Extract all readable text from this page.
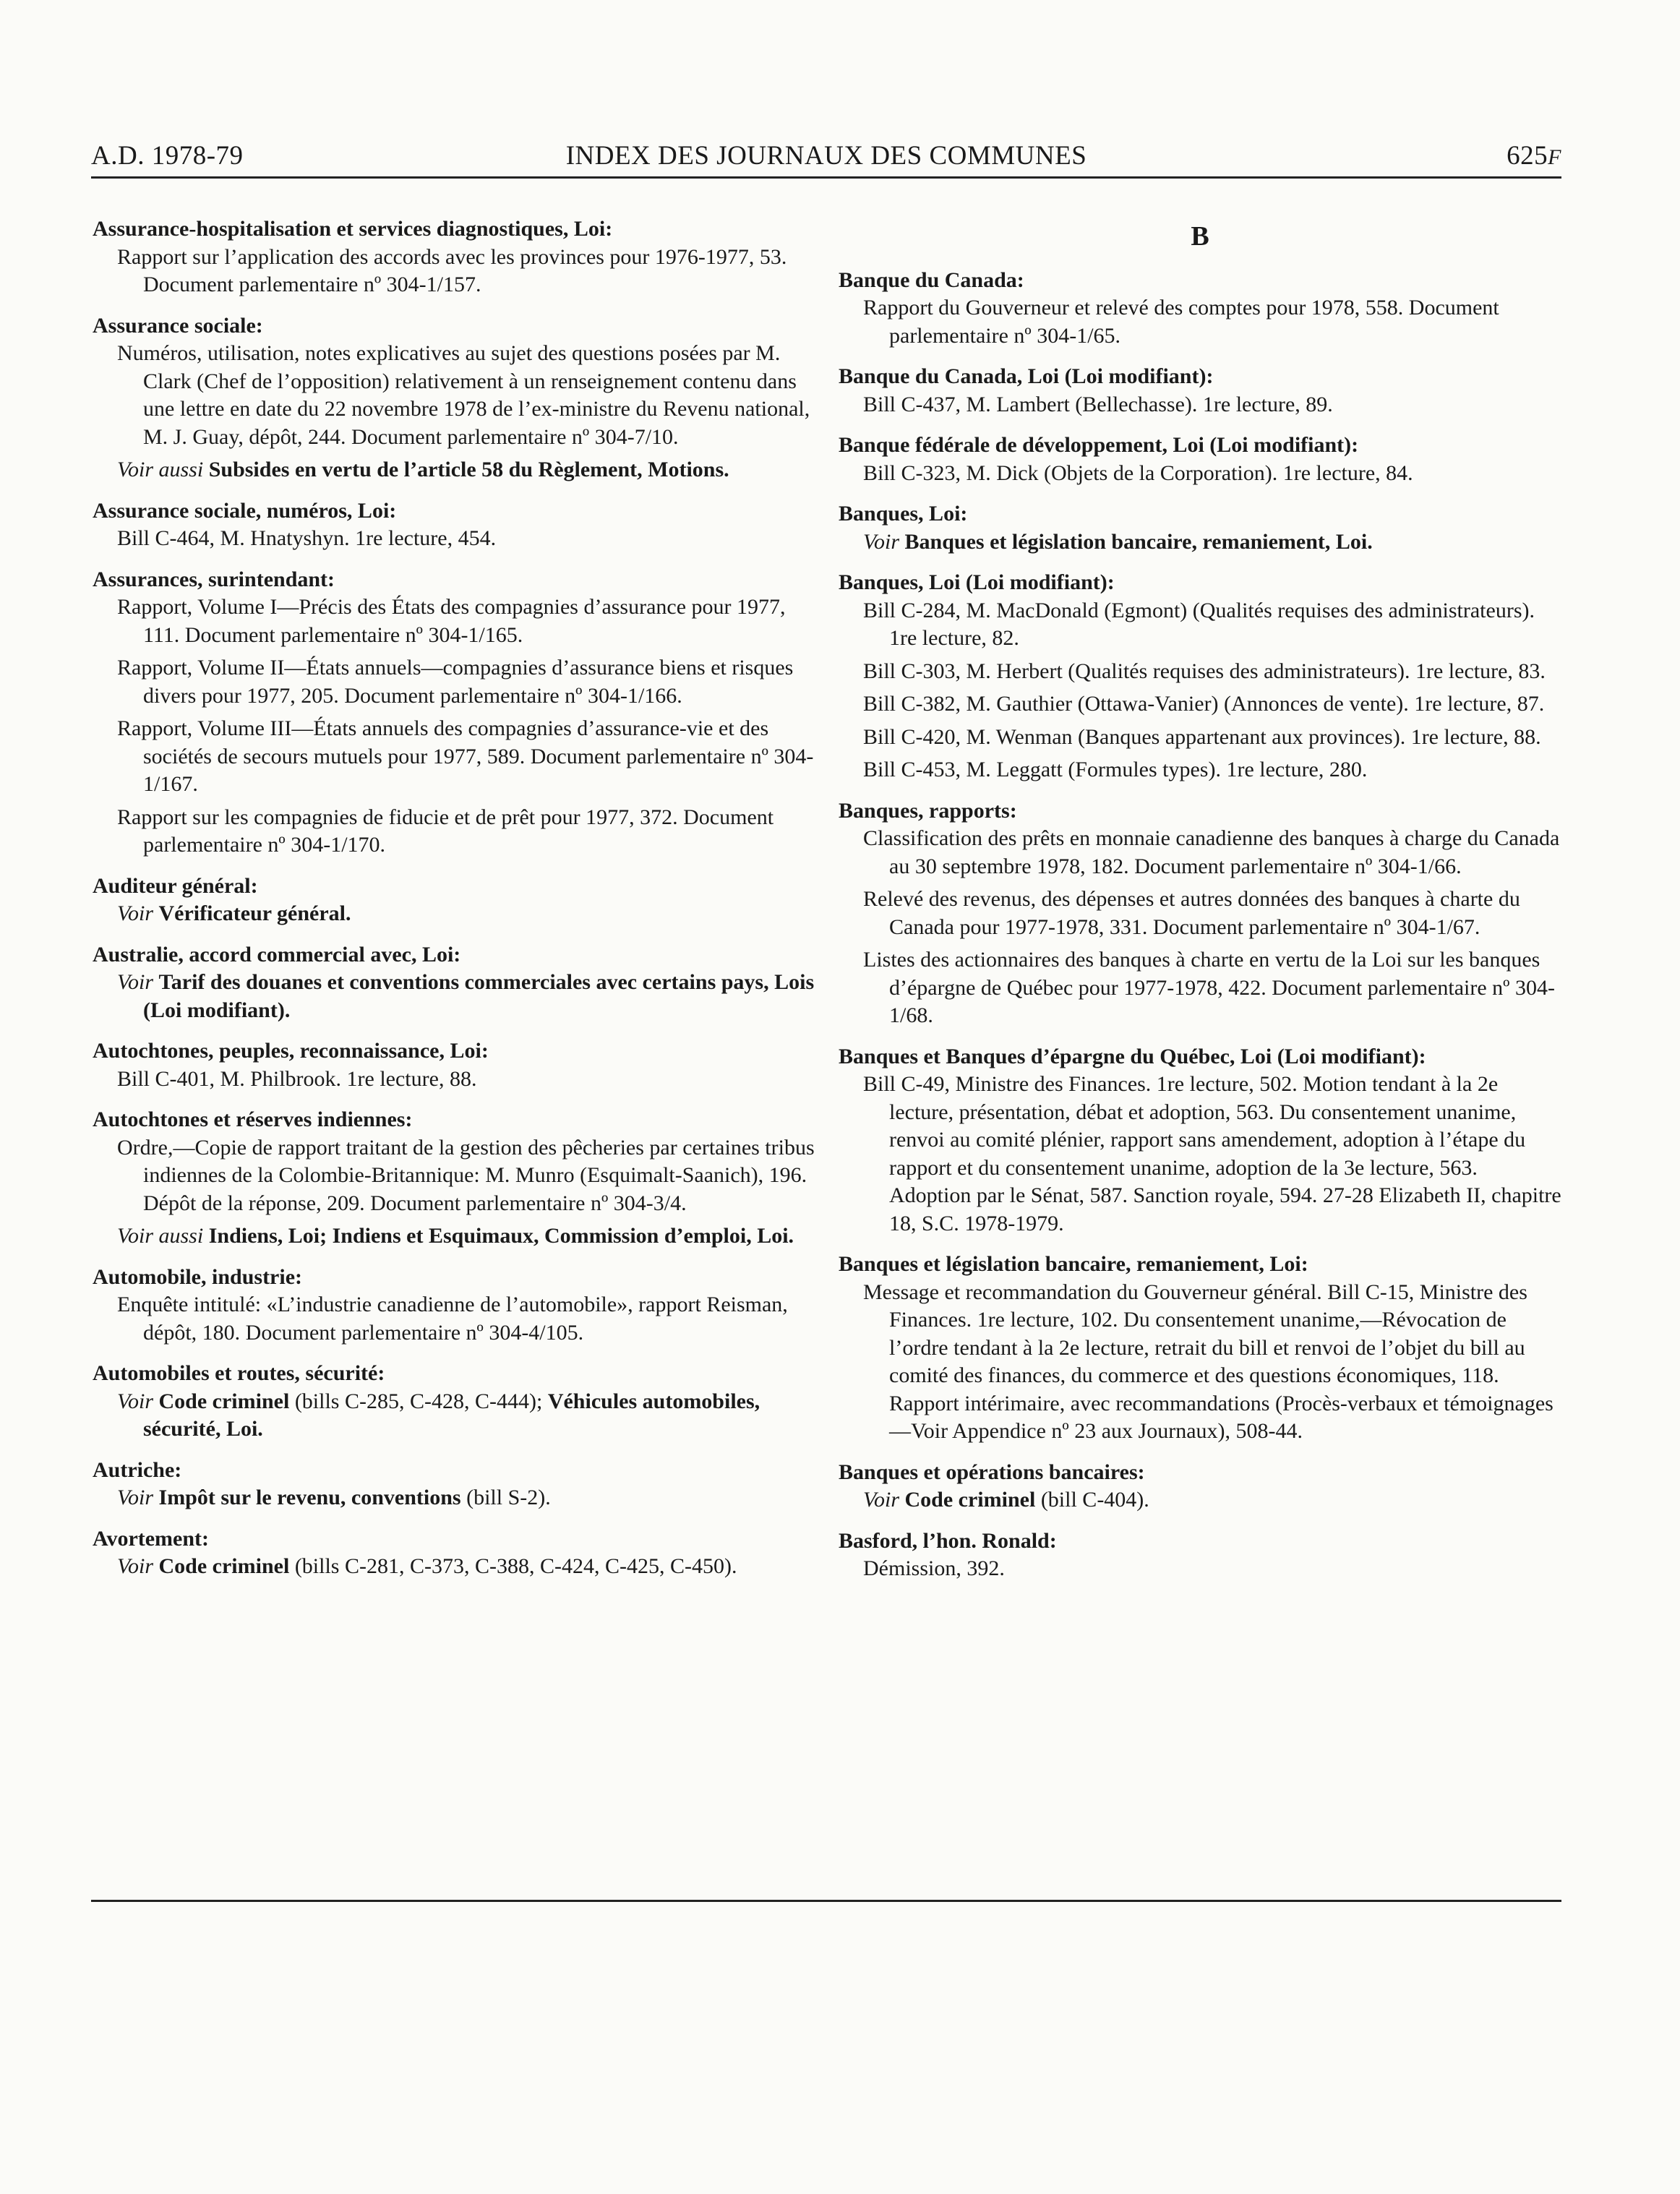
A.D. 1978-79	INDEX DES JOURNAUX DES COMMUNES	625F
Assurance-hospitalisation et services diagnostiques, Loi:
Rapport sur l’application des accords avec les provinces pour 1976-1977, 53. Document parlementaire nº 304-1/157.
Assurance sociale:
Numéros, utilisation, notes explicatives au sujet des questions posées par M. Clark (Chef de l’opposition) relativement à un renseignement contenu dans une lettre en date du 22 novembre 1978 de l’ex-ministre du Revenu national, M. J. Guay, dépôt, 244. Document parlementaire nº 304-7/10.
Voir aussi Subsides en vertu de l’article 58 du Règlement, Motions.
Assurance sociale, numéros, Loi:
Bill C-464, M. Hnatyshyn. 1re lecture, 454.
Assurances, surintendant:
Rapport, Volume I—Précis des États des compagnies d’assurance pour 1977, 111. Document parlementaire nº 304-1/165.
Rapport, Volume II—États annuels—compagnies d’assurance biens et risques divers pour 1977, 205. Document parlementaire nº 304-1/166.
Rapport, Volume III—États annuels des compagnies d’assurance-vie et des sociétés de secours mutuels pour 1977, 589. Document parlementaire nº 304-1/167.
Rapport sur les compagnies de fiducie et de prêt pour 1977, 372. Document parlementaire nº 304-1/170.
Auditeur général:
Voir Vérificateur général.
Australie, accord commercial avec, Loi:
Voir Tarif des douanes et conventions commerciales avec certains pays, Lois (Loi modifiant).
Autochtones, peuples, reconnaissance, Loi:
Bill C-401, M. Philbrook. 1re lecture, 88.
Autochtones et réserves indiennes:
Ordre,—Copie de rapport traitant de la gestion des pêcheries par certaines tribus indiennes de la Colombie-Britannique: M. Munro (Esquimalt-Saanich), 196. Dépôt de la réponse, 209. Document parlementaire nº 304-3/4.
Voir aussi Indiens, Loi; Indiens et Esquimaux, Commission d’emploi, Loi.
Automobile, industrie:
Enquête intitulé: «L’industrie canadienne de l’automobile», rapport Reisman, dépôt, 180. Document parlementaire nº 304-4/105.
Automobiles et routes, sécurité:
Voir Code criminel (bills C-285, C-428, C-444); Véhicules automobiles, sécurité, Loi.
Autriche:
Voir Impôt sur le revenu, conventions (bill S-2).
Avortement:
Voir Code criminel (bills C-281, C-373, C-388, C-424, C-425, C-450).
B
Banque du Canada:
Rapport du Gouverneur et relevé des comptes pour 1978, 558. Document parlementaire nº 304-1/65.
Banque du Canada, Loi (Loi modifiant):
Bill C-437, M. Lambert (Bellechasse). 1re lecture, 89.
Banque fédérale de développement, Loi (Loi modifiant):
Bill C-323, M. Dick (Objets de la Corporation). 1re lecture, 84.
Banques, Loi:
Voir Banques et législation bancaire, remaniement, Loi.
Banques, Loi (Loi modifiant):
Bill C-284, M. MacDonald (Egmont) (Qualités requises des administrateurs). 1re lecture, 82.
Bill C-303, M. Herbert (Qualités requises des administrateurs). 1re lecture, 83.
Bill C-382, M. Gauthier (Ottawa-Vanier) (Annonces de vente). 1re lecture, 87.
Bill C-420, M. Wenman (Banques appartenant aux provinces). 1re lecture, 88.
Bill C-453, M. Leggatt (Formules types). 1re lecture, 280.
Banques, rapports:
Classification des prêts en monnaie canadienne des banques à charge du Canada au 30 septembre 1978, 182. Document parlementaire nº 304-1/66.
Relevé des revenus, des dépenses et autres données des banques à charte du Canada pour 1977-1978, 331. Document parlementaire nº 304-1/67.
Listes des actionnaires des banques à charte en vertu de la Loi sur les banques d’épargne de Québec pour 1977-1978, 422. Document parlementaire nº 304-1/68.
Banques et Banques d’épargne du Québec, Loi (Loi modifiant):
Bill C-49, Ministre des Finances. 1re lecture, 502. Motion tendant à la 2e lecture, présentation, débat et adoption, 563. Du consentement unanime, renvoi au comité plénier, rapport sans amendement, adoption à l’étape du rapport et du consentement unanime, adoption de la 3e lecture, 563. Adoption par le Sénat, 587. Sanction royale, 594. 27-28 Elizabeth II, chapitre 18, S.C. 1978-1979.
Banques et législation bancaire, remaniement, Loi:
Message et recommandation du Gouverneur général. Bill C-15, Ministre des Finances. 1re lecture, 102. Du consentement unanime,—Révocation de l’ordre tendant à la 2e lecture, retrait du bill et renvoi de l’objet du bill au comité des finances, du commerce et des questions économiques, 118. Rapport intérimaire, avec recommandations (Procès-verbaux et témoignages—Voir Appendice nº 23 aux Journaux), 508-44.
Banques et opérations bancaires:
Voir Code criminel (bill C-404).
Basford, l’hon. Ronald:
Démission, 392.
